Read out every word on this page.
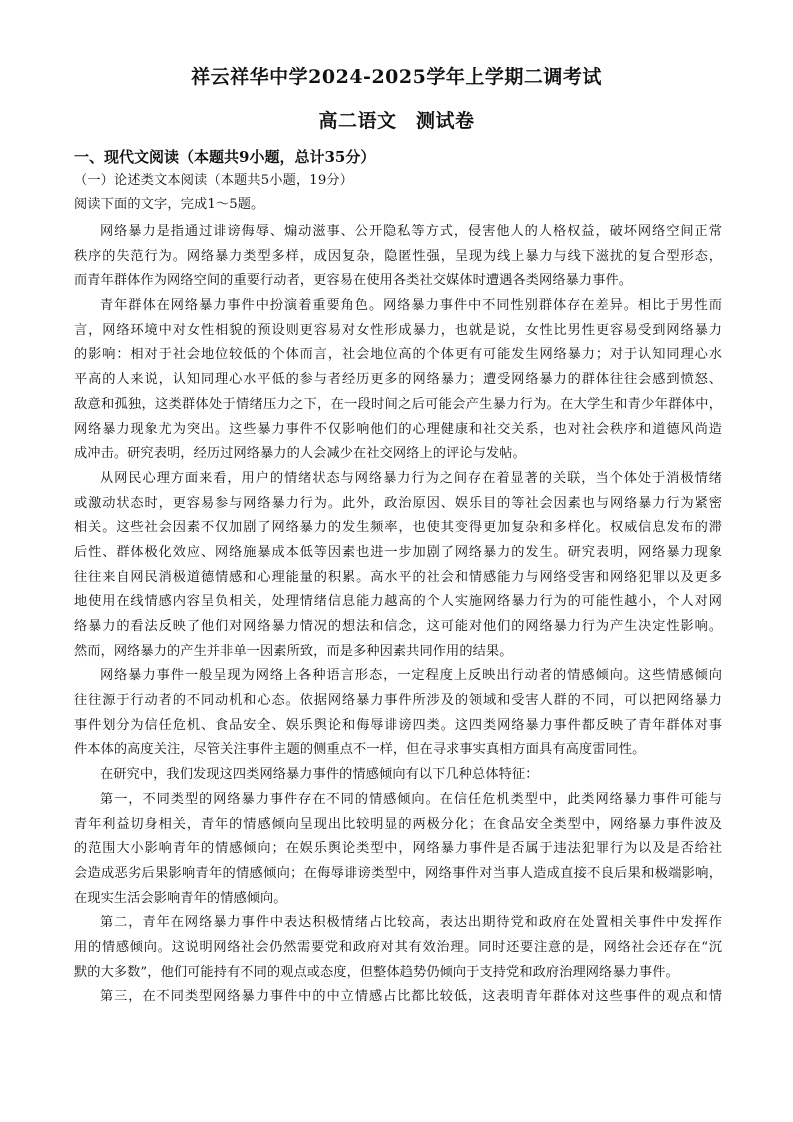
祥云祥华中学2024-2025学年上学期二调考试
高二语文　测试卷
一、现代文阅读（本题共9小题，总计35分）
（一）论述类文本阅读（本题共5小题，19分）
阅读下面的文字，完成1～5题。
网络暴力是指通过诽谤侮辱、煽动滋事、公开隐私等方式，侵害他人的人格权益，破坏网络空间正常
秩序的失范行为。网络暴力类型多样，成因复杂，隐匿性强，呈现为线上暴力与线下滋扰的复合型形态，
而青年群体作为网络空间的重要行动者，更容易在使用各类社交媒体时遭遇各类网络暴力事件。
青年群体在网络暴力事件中扮演着重要角色。网络暴力事件中不同性别群体存在差异。相比于男性而
言，网络环境中对女性相貌的预设则更容易对女性形成暴力，也就是说，女性比男性更容易受到网络暴力
的影响：相对于社会地位较低的个体而言，社会地位高的个体更有可能发生网络暴力；对于认知同理心水
平高的人来说，认知同理心水平低的参与者经历更多的网络暴力；遭受网络暴力的群体往往会感到愤怒、
敌意和孤独，这类群体处于情绪压力之下，在一段时间之后可能会产生暴力行为。在大学生和青少年群体中，
网络暴力现象尤为突出。这些暴力事件不仅影响他们的心理健康和社交关系，也对社会秩序和道德风尚造
成冲击。研究表明，经历过网络暴力的人会减少在社交网络上的评论与发帖。
从网民心理方面来看，用户的情绪状态与网络暴力行为之间存在着显著的关联，当个体处于消极情绪
或激动状态时，更容易参与网络暴力行为。此外，政治原因、娱乐目的等社会因素也与网络暴力行为紧密
相关。这些社会因素不仅加剧了网络暴力的发生频率，也使其变得更加复杂和多样化。权威信息发布的滞
后性、群体极化效应、网络施暴成本低等因素也进一步加剧了网络暴力的发生。研究表明，网络暴力现象
往往来自网民消极道德情感和心理能量的积累。高水平的社会和情感能力与网络受害和网络犯罪以及更多
地使用在线情感内容呈负相关，处理情绪信息能力越高的个人实施网络暴力行为的可能性越小，个人对网
络暴力的看法反映了他们对网络暴力情况的想法和信念，这可能对他们的网络暴力行为产生决定性影响。
然而，网络暴力的产生并非单一因素所致，而是多种因素共同作用的结果。
网络暴力事件一般呈现为网络上各种语言形态，一定程度上反映出行动者的情感倾向。这些情感倾向
往往源于行动者的不同动机和心态。依据网络暴力事件所涉及的领域和受害人群的不同，可以把网络暴力
事件划分为信任危机、食品安全、娱乐舆论和侮辱诽谤四类。这四类网络暴力事件都反映了青年群体对事
件本体的高度关注，尽管关注事件主题的侧重点不一样，但在寻求事实真相方面具有高度雷同性。
在研究中，我们发现这四类网络暴力事件的情感倾向有以下几种总体特征：
第一，不同类型的网络暴力事件存在不同的情感倾向。在信任危机类型中，此类网络暴力事件可能与
青年利益切身相关，青年的情感倾向呈现出比较明显的两极分化；在食品安全类型中，网络暴力事件波及
的范围大小影响青年的情感倾向；在娱乐舆论类型中，网络暴力事件是否属于违法犯罪行为以及是否给社
会造成恶劣后果影响青年的情感倾向；在侮辱诽谤类型中，网络事件对当事人造成直接不良后果和极端影响，
在现实生活会影响青年的情感倾向。
第二，青年在网络暴力事件中表达积极情绪占比较高，表达出期待党和政府在处置相关事件中发挥作
用的情感倾向。这说明网络社会仍然需要党和政府对其有效治理。同时还要注意的是，网络社会还存在“沉
默的大多数”，他们可能持有不同的观点或态度，但整体趋势仍倾向于支持党和政府治理网络暴力事件。
第三，在不同类型网络暴力事件中的中立情感占比都比较低，这表明青年群体对这些事件的观点和情
